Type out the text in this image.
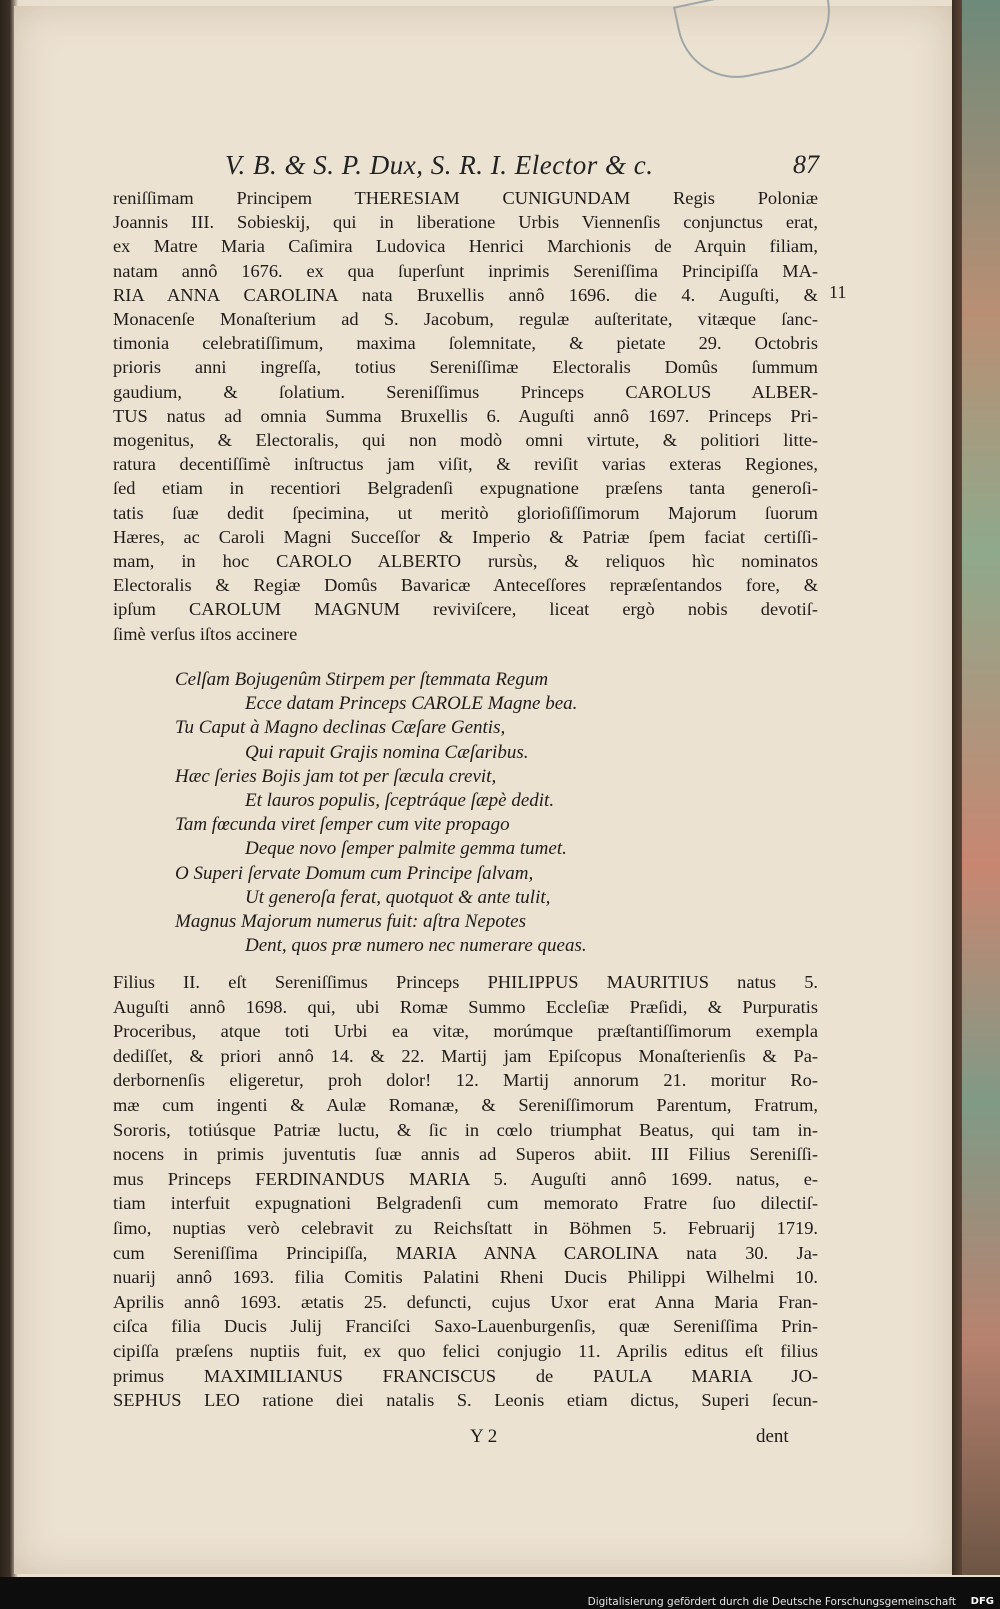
V. B. & S. P. Dux, S. R. I. Elector & c.	87
11

reniſſimam Principem THERESIAM CUNIGUNDAM Regis Poloniæ

Joannis III. Sobieskij, qui in liberatione Urbis Viennenſis conjunctus erat,

ex Matre Maria Caſimira Ludovica Henrici Marchionis de Arquin filiam,

natam annô 1676. ex qua ſuperſunt inprimis Sereniſſima Principiſſa MA-

RIA ANNA CAROLINA nata Bruxellis annô 1696. die 4. Auguſti, &

Monacenſe Monaſterium ad S. Jacobum, regulæ auſteritate, vitæque ſanc-

timonia celebratiſſimum, maxima ſolemnitate, & pietate 29. Octobris

prioris anni ingreſſa, totius Sereniſſimæ Electoralis Domûs ſummum

gaudium, & ſolatium. Sereniſſimus Princeps CAROLUS ALBER-

TUS natus ad omnia Summa Bruxellis 6. Auguſti annô 1697. Princeps Pri-

mogenitus, & Electoralis, qui non modò omni virtute, & politiori litte-

ratura decentiſſimè inſtructus jam viſit, & reviſit varias exteras Regiones,

ſed etiam in recentiori Belgradenſi expugnatione præſens tanta generoſi-

tatis ſuæ dedit ſpecimina, ut meritò glorioſiſſimorum Majorum ſuorum

Hæres, ac Caroli Magni Succeſſor & Imperio & Patriæ ſpem faciat certiſſi-

mam, in hoc CAROLO ALBERTO rursùs, & reliquos hìc nominatos

Electoralis & Regiæ Domûs Bavaricæ Anteceſſores repræſentandos fore, &

ipſum CAROLUM MAGNUM reviviſcere, liceat ergò nobis devotiſ-

ſimè verſus iſtos accinere

Celſam Bojugenûm Stirpem per ſtemmata Regum
Ecce datam Princeps CAROLE Magne bea.
Tu Caput à Magno declinas Cæſare Gentis,
Qui rapuit Grajis nomina Cæſaribus.
Hæc ſeries Bojis jam tot per ſæcula crevit,
Et lauros populis, ſceptráque ſæpè dedit.
Tam fœcunda viret ſemper cum vite propago
Deque novo ſemper palmite gemma tumet.
O Superi ſervate Domum cum Principe ſalvam,
Ut generoſa ferat, quotquot & ante tulit,
Magnus Majorum numerus fuit: aſtra Nepotes
Dent, quos præ numero nec numerare queas.

Filius II. eſt Sereniſſimus Princeps PHILIPPUS MAURITIUS natus 5.

Auguſti annô 1698. qui, ubi Romæ Summo Eccleſiæ Præſidi, & Purpuratis

Proceribus, atque toti Urbi ea vitæ, morúmque præſtantiſſimorum exempla

dediſſet, & priori annô 14. & 22. Martij jam Epiſcopus Monaſterienſis & Pa-

derbornenſis eligeretur, proh dolor! 12. Martij annorum 21. moritur Ro-

mæ cum ingenti & Aulæ Romanæ, & Sereniſſimorum Parentum, Fratrum,

Sororis, totiúsque Patriæ luctu, & ſic in cœlo triumphat Beatus, qui tam in-

nocens in primis juventutis ſuæ annis ad Superos abiit. III Filius Sereniſſi-

mus Princeps FERDINANDUS MARIA 5. Auguſti annô 1699. natus, e-

tiam interfuit expugnationi Belgradenſi cum memorato Fratre ſuo dilectiſ-

ſimo, nuptias verò celebravit zu Reichsſtatt in Böhmen 5. Februarij 1719.

cum Sereniſſima Principiſſa, MARIA ANNA CAROLINA nata 30. Ja-

nuarij annô 1693. filia Comitis Palatini Rheni Ducis Philippi Wilhelmi 10.

Aprilis annô 1693. ætatis 25. defuncti, cujus Uxor erat Anna Maria Fran-

ciſca filia Ducis Julij Franciſci Saxo-Lauenburgenſis, quæ Sereniſſima Prin-

cipiſſa præſens nuptiis fuit, ex quo felici conjugio 11. Aprilis editus eſt filius

primus MAXIMILIANUS FRANCISCUS de PAULA MARIA JO-

SEPHUS LEO ratione diei natalis S. Leonis etiam dictus, Superi ſecun-

Y 2	dent
Digitalisierung gefördert durch die Deutsche Forschungsgemeinschaft DFG
